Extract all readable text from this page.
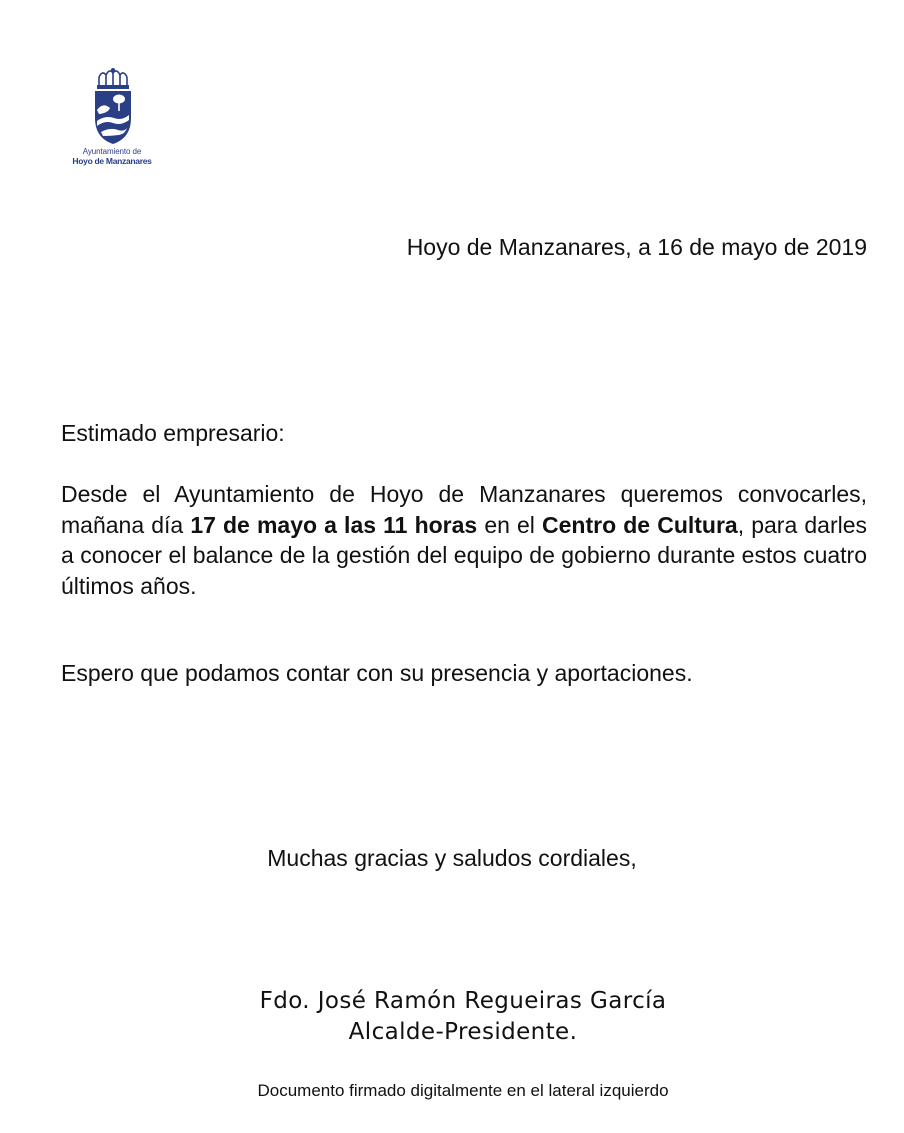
Ayuntamiento de
Hoyo de Manzanares
Hoyo de Manzanares, a 16 de mayo de 2019
Estimado empresario:
Desde el Ayuntamiento de Hoyo de Manzanares queremos convocarles, mañana día 17 de mayo a las 11 horas en el Centro de Cultura, para darles a conocer el balance de la gestión del equipo de gobierno durante estos cuatro últimos años.
Espero que podamos contar con su presencia y aportaciones.
Muchas gracias y saludos cordiales,
Fdo. José Ramón Regueiras García
Alcalde-Presidente.
Documento firmado digitalmente en el lateral izquierdo
